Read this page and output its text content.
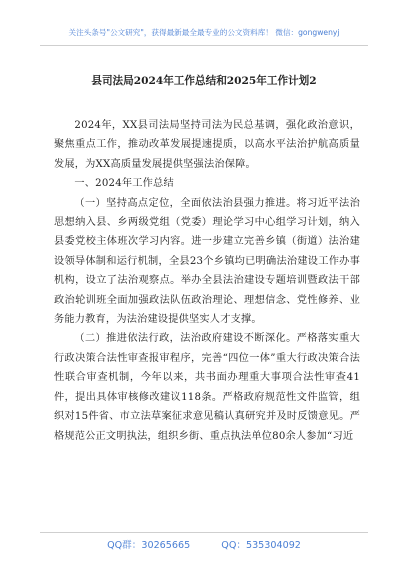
关注头条号"公文研究"，获得最新最全最专业的公文资料库！ 微信：gongwenyj
县司法局2024年工作总结和2025年工作计划2

2024年，XX县司法局坚持司法为民总基调，强化政治意识，聚焦重点工作，推动改革发展提速提质，以高水平法治护航高质量发展，为XX高质量发展提供坚强法治保障。

一、2024年工作总结

（一）坚持高点定位，全面依法治县强力推进。将习近平法治思想纳入县、乡两级党组（党委）理论学习中心组学习计划，纳入县委党校主体班次学习内容。进一步建立完善乡镇（街道）法治建设领导体制和运行机制，全县23个乡镇均已明确法治建设工作办事机构，设立了法治观察点。举办全县法治建设专题培训暨政法干部政治轮训班全面加强政法队伍政治理论、理想信念、党性修养、业务能力教育，为法治建设提供坚实人才支撑。

（二）推进依法行政，法治政府建设不断深化。严格落实重大行政决策合法性审查报审程序，完善“四位一体”重大行政决策合法性联合审查机制，今年以来，共书面办理重大事项合法性审查41件，提出具体审核修改建议118条。严格政府规范性文件监管，组织对15件省、市立法草案征求意见稿认真研究并及时反馈意见。严格规范公正文明执法，组织乡街、重点执法单位80余人参加“习近

QQ群：30265665	QQ：535304092
